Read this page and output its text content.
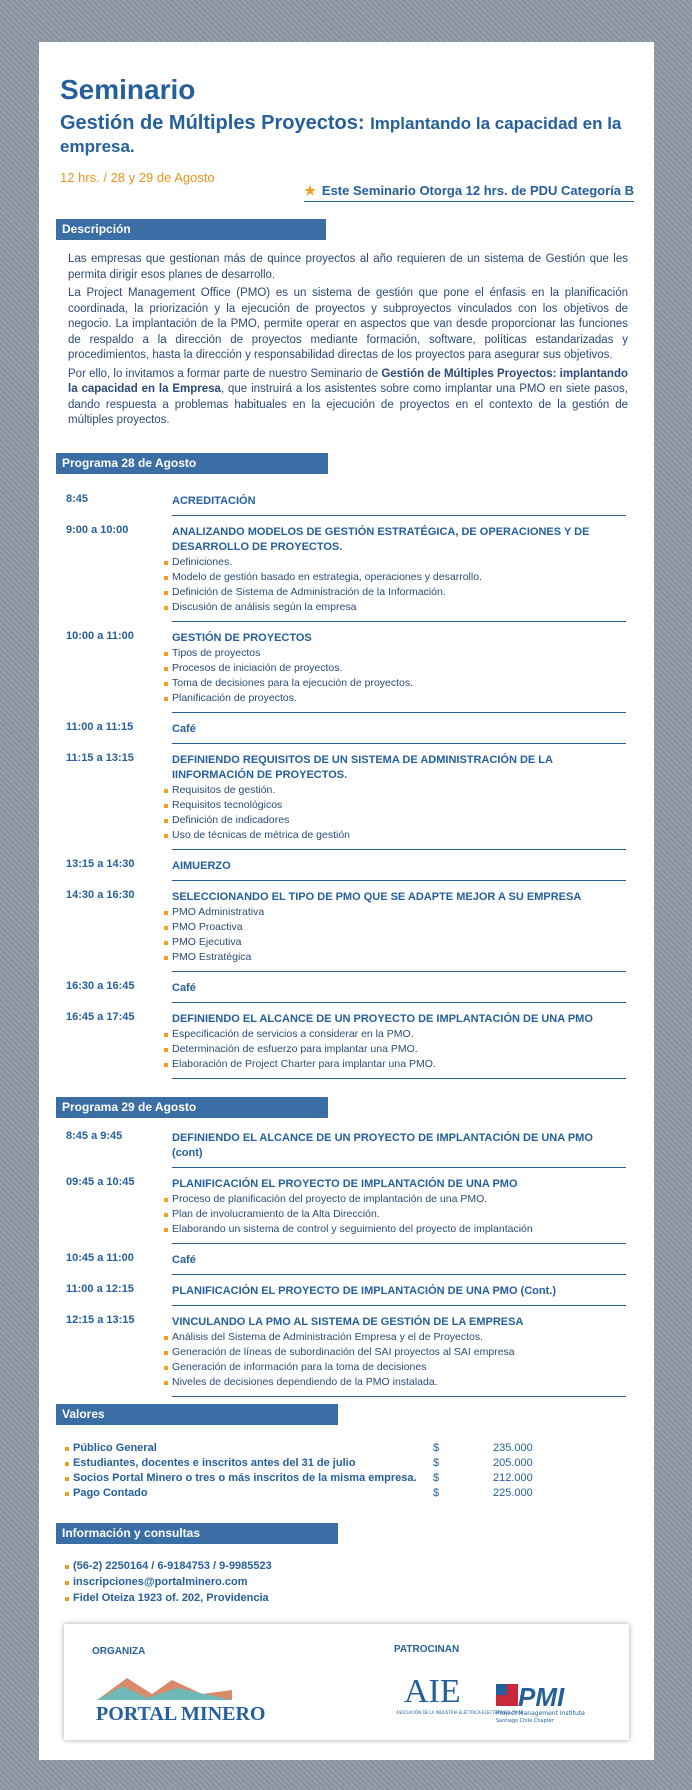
Seminario
Gestión de Múltiples Proyectos: Implantando la capacidad en la empresa.
12 hrs. / 28 y 29 de Agosto
★ Este Seminario Otorga 12 hrs. de PDU Categoría B
Descripción

Las empresas que gestionan más de quince proyectos al año requieren de un sistema de Gestión que les permita dirigir esos planes de desarrollo.

La Project Management Office (PMO) es un sistema de gestión que pone el énfasis en la planificación coordinada, la priorización y la ejecución de proyectos y subproyectos vinculados con los objetivos de negocio. La implantación de la PMO, permite operar en aspectos que van desde proporcionar las funciones de respaldo a la dirección de proyectos mediante formación, software, políticas estandarizadas y procedimientos, hasta la dirección y responsabilidad directas de los proyectos para asegurar sus objetivos.

Por ello, lo invitamos a formar parte de nuestro Seminario de Gestión de Múltiples Proyectos: implantando la capacidad en la Empresa, que instruirá a los asistentes sobre como implantar una PMO en siete pasos, dando respuesta a problemas habituales en la ejecución de proyectos en el contexto de la gestión de múltiples proyectos.

Programa 28 de Agosto
8:45	ACREDITACIÓN
9:00 a 10:00	ANALIZANDO MODELOS DE GESTIÓN ESTRATÉGICA, DE OPERACIONES Y DE DESARROLLO DE PROYECTOS.
Definiciones.
Modelo de gestión basado en estrategia, operaciones y desarrollo.
Definición de Sistema de Administración de la Información.
Discusión de análisis según la empresa
10:00 a 11:00	GESTIÓN DE PROYECTOS
Tipos de proyectos
Procesos de iniciación de proyectos.
Toma de decisiones para la ejecución de proyectos.
Planificación de proyectos.
11:00 a 11:15	Café
11:15 a 13:15	DEFINIENDO REQUISITOS DE UN SISTEMA DE ADMINISTRACIÓN DE LA IINFORMACIÓN DE PROYECTOS.
Requisitos de gestión.
Requisitos tecnológicos
Definición de indicadores
Uso de técnicas de métrica de gestión
13:15 a 14:30	AIMUERZO
14:30 a 16:30	SELECCIONANDO EL TIPO DE PMO QUE SE ADAPTE MEJOR A SU EMPRESA
PMO Administrativa
PMO Proactiva
PMO Ejecutiva
PMO Estratégica
16:30 a 16:45	Café
16:45 a 17:45	DEFINIENDO EL ALCANCE DE UN PROYECTO DE IMPLANTACIÓN DE UNA PMO
Especificación de servicios a considerar en la PMO.
Determinación de esfuerzo para implantar una PMO.
Elaboración de Project Charter para implantar una PMO.
Programa 29 de Agosto
8:45 a 9:45	DEFINIENDO EL ALCANCE DE UN PROYECTO DE IMPLANTACIÓN DE UNA PMO (cont)
09:45 a 10:45	PLANIFICACIÓN EL PROYECTO DE IMPLANTACIÓN DE UNA PMO
Proceso de planificación del proyecto de implantación de una PMO.
Plan de involucramiento de la Alta Dirección.
Elaborando un sistema de control y seguimiento del proyecto de implantación
10:45 a 11:00	Café
11:00 a 12:15	PLANIFICACIÓN EL PROYECTO DE IMPLANTACIÓN DE UNA PMO (Cont.)
12:15 a 13:15	VINCULANDO LA PMO AL SISTEMA DE GESTIÓN DE LA EMPRESA
Análisis del Sistema de Administración Empresa y el de Proyectos.
Generación de líneas de subordinación del SAI proyectos al SAI empresa
Generación de información para la toma de decisiones
Niveles de decisiones dependiendo de la PMO instalada.
Valores
Público General	$	235.000
Estudiantes, docentes e inscritos antes del 31 de julio	$	205.000
Socios Portal Minero o tres o más inscritos de la misma empresa. $	212.000
Pago Contado	$	225.000
Información y consultas
(56-2) 2250164 / 6-9184753 / 9-9985523
inscripciones@portalminero.com
Fidel Oteiza 1923 of. 202, Providencia
ORGANIZA	PATROCINAN
PORTAL MINERO
AIE
ASOCIACIÓN DE LA INDUSTRIA ELÉCTRICA-ELECTRÓNICA CHILE
PMI
Project Management Institute
Santiago Chile Chapter
